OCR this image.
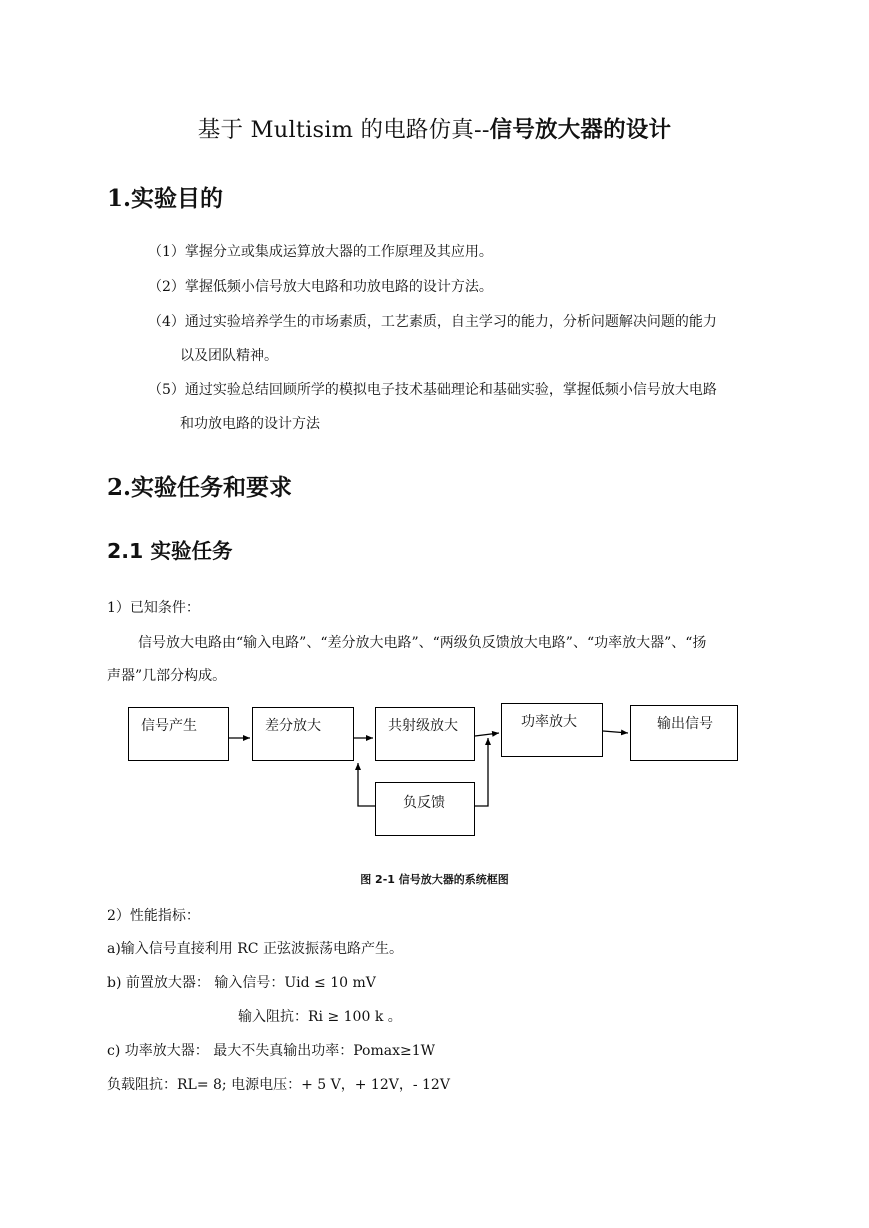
基于 Multisim 的电路仿真--信号放大器的设计
1.实验目的
（1）掌握分立或集成运算放大器的工作原理及其应用。
（2）掌握低频小信号放大电路和功放电路的设计方法。
（4）通过实验培养学生的市场素质，工艺素质，自主学习的能力，分析问题解决问题的能力
以及团队精神。
（5）通过实验总结回顾所学的模拟电子技术基础理论和基础实验，掌握低频小信号放大电路
和功放电路的设计方法
2.实验任务和要求
2.1 实验任务
1）已知条件：
信号放大电路由“输入电路”、“差分放大电路”、“两级负反馈放大电路”、“功率放大器”、“扬
声器”几部分构成。
信号产生	差分放大	共射级放大	功率放大	输出信号
负反馈
图 2-1 信号放大器的系统框图
2）性能指标：
a)输入信号直接利用 RC 正弦波振荡电路产生。
b) 前置放大器： 输入信号：Uid ≤ 10 mV
输入阻抗：Ri ≥ 100 k 。
c) 功率放大器： 最大不失真输出功率：Pomax≥1W
负载阻抗：RL= 8; 电源电压：+ 5 V，+ 12V，- 12V
